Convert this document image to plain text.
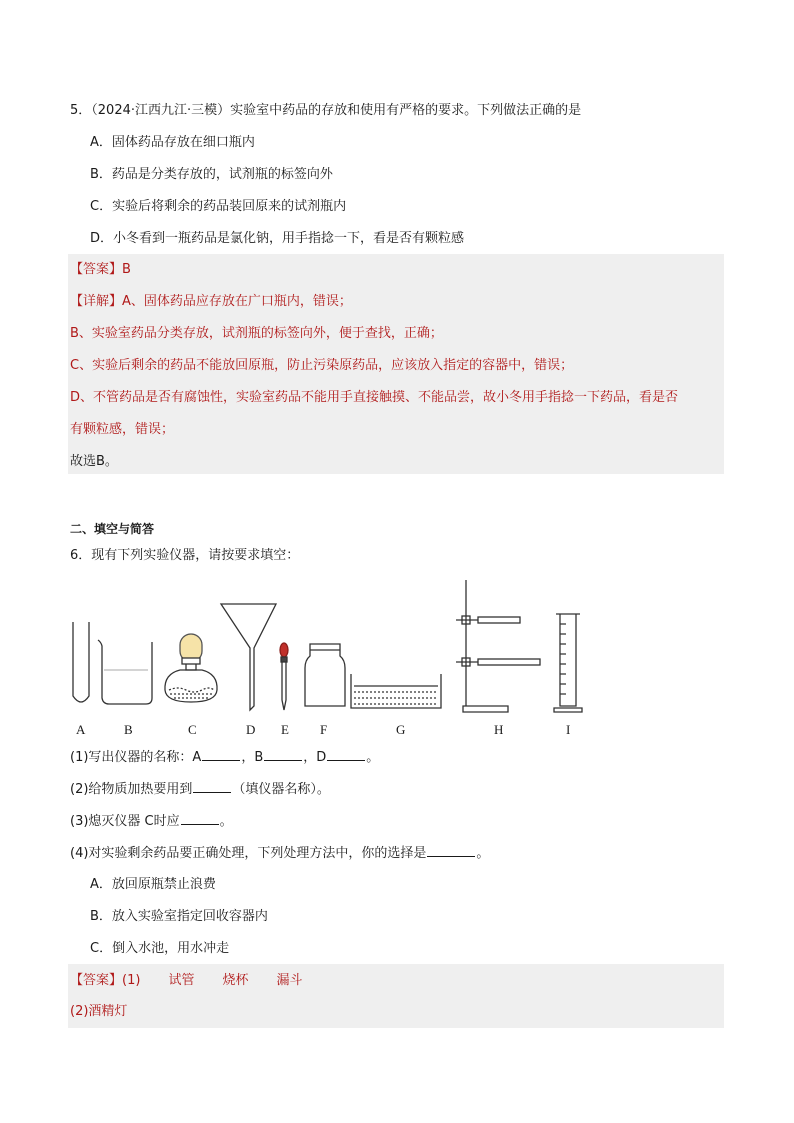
5．（2024·江西九江·三模）实验室中药品的存放和使用有严格的要求。下列做法正确的是
A．固体药品存放在细口瓶内
B．药品是分类存放的，试剂瓶的标签向外
C．实验后将剩余的药品装回原来的试剂瓶内
D．小冬看到一瓶药品是氯化钠，用手指捻一下，看是否有颗粒感
【答案】B
【详解】A、固体药品应存放在广口瓶内，错误；
B、实验室药品分类存放，试剂瓶的标签向外，便于查找，正确；
C、实验后剩余的药品不能放回原瓶，防止污染原药品，应该放入指定的容器中，错误；
D、不管药品是否有腐蚀性，实验室药品不能用手直接触摸、不能品尝，故小冬用手指捻一下药品，看是否
有颗粒感，错误；
故选B。
二、填空与简答
6．现有下列实验仪器，请按要求填空：
A	B	C	D E F	G	H	I
(1)写出仪器的名称：A	，B	，D	。
(2)给物质加热要用到	（填仪器名称）。
(3)熄灭仪器 C时应	。
(4)对实验剩余药品要正确处理，下列处理方法中，你的选择是	。
A．放回原瓶禁止浪费
B．放入实验室指定回收容器内
C．倒入水池，用水冲走
【答案】(1) 试管 烧杯 漏斗
(2)酒精灯
